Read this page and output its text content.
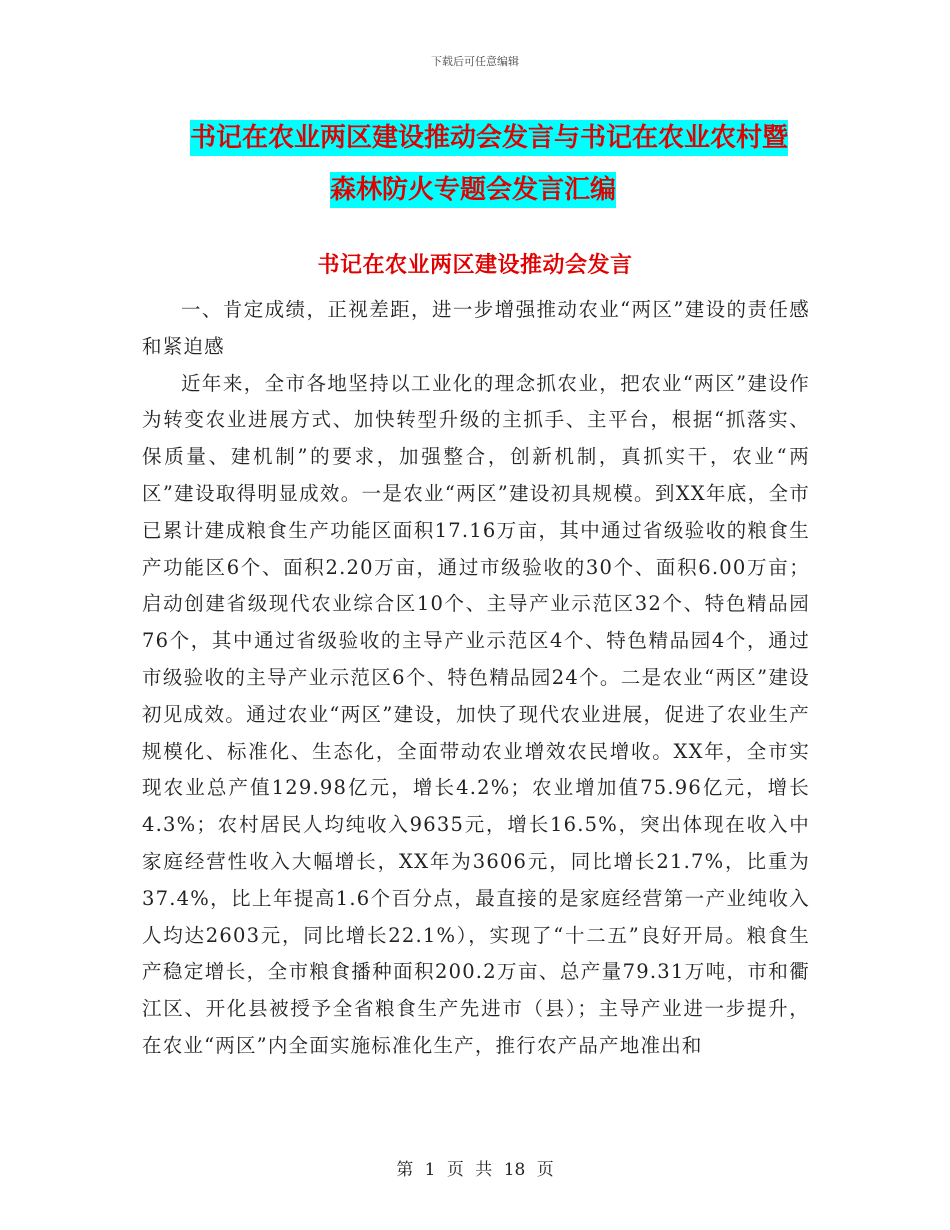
下载后可任意编辑
书记在农业两区建设推动会发言与书记在农业农村暨
森林防火专题会发言汇编
书记在农业两区建设推动会发言

一、肯定成绩，正视差距，进一步增强推动农业“两区”建设的责任感和紧迫感

近年来，全市各地坚持以工业化的理念抓农业，把农业“两区”建设作为转变农业进展方式、加快转型升级的主抓手、主平台，根据“抓落实、保质量、建机制”的要求，加强整合，创新机制，真抓实干，农业“两区”建设取得明显成效。一是农业“两区”建设初具规模。到XX年底，全市已累计建成粮食生产功能区面积17.16万亩，其中通过省级验收的粮食生产功能区6个、面积2.20万亩，通过市级验收的30个、面积6.00万亩；启动创建省级现代农业综合区10个、主导产业示范区32个、特色精品园76个，其中通过省级验收的主导产业示范区4个、特色精品园4个，通过市级验收的主导产业示范区6个、特色精品园24个。二是农业“两区”建设初见成效。通过农业“两区”建设，加快了现代农业进展，促进了农业生产规模化、标准化、生态化，全面带动农业增效农民增收。XX年，全市实现农业总产值129.98亿元，增长4.2%；农业增加值75.96亿元，增长4.3%；农村居民人均纯收入9635元，增长16.5%，突出体现在收入中家庭经营性收入大幅增长，XX年为3606元，同比增长21.7%，比重为37.4%，比上年提高1.6个百分点，最直接的是家庭经营第一产业纯收入人均达2603元，同比增长22.1%），实现了“十二五”良好开局。粮食生产稳定增长，全市粮食播种面积200.2万亩、总产量79.31万吨，市和衢江区、开化县被授予全省粮食生产先进市（县）；主导产业进一步提升，在农业“两区”内全面实施标准化生产，推行农产品产地准出和

第 1 页 共 18 页
